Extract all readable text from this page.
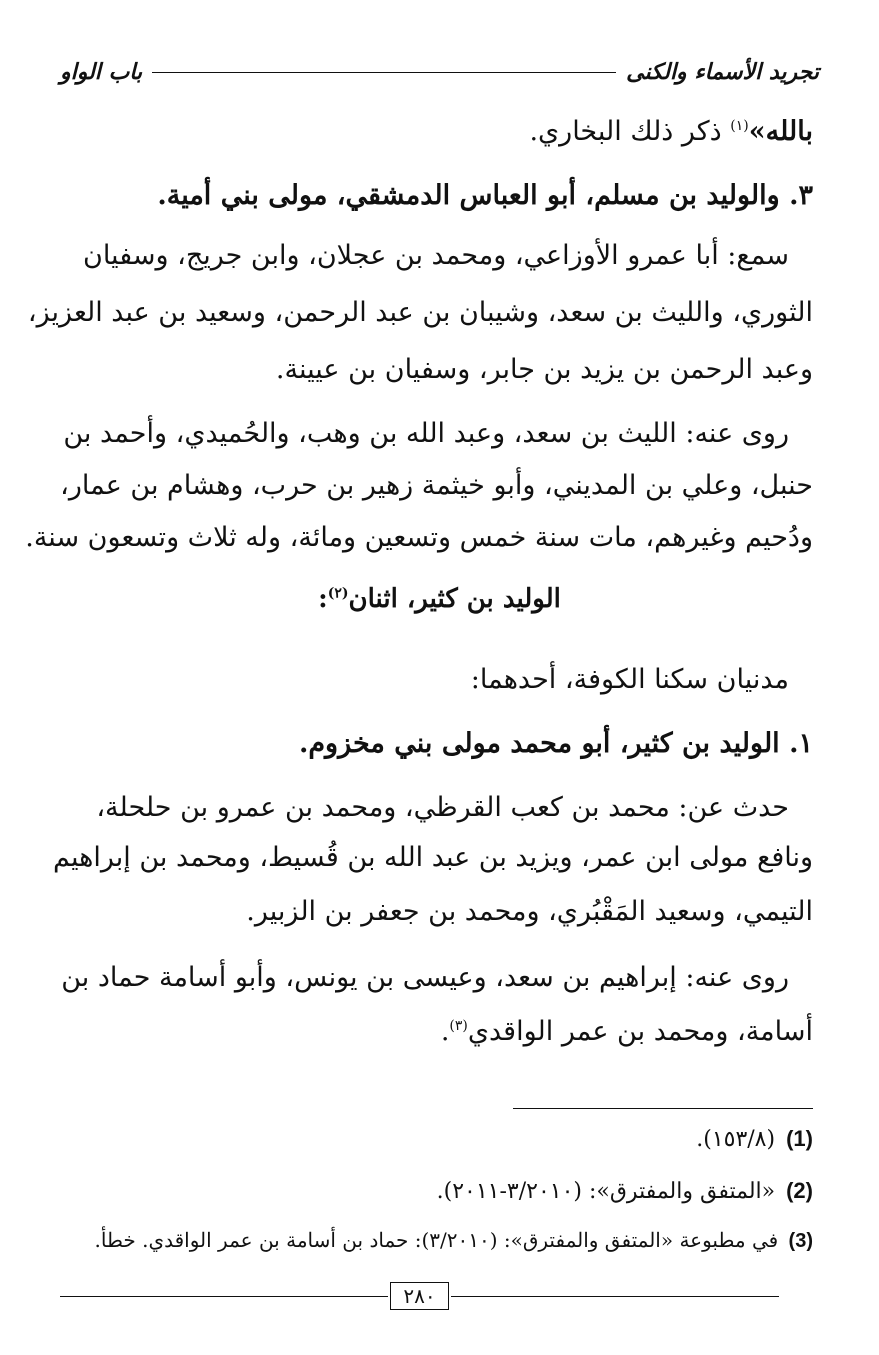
تجريد الأسماء والكنى
باب الواو
بالله»$^{(١)}$ ذكر ذلك البخاري.
٣. والوليد بن مسلم، أبو العباس الدمشقي، مولى بني أمية.
سمع: أبا عمرو الأوزاعي، ومحمد بن عجلان، وابن جريج، وسفيان
الثوري، والليث بن سعد، وشيبان بن عبد الرحمن، وسعيد بن عبد العزيز،
وعبد الرحمن بن يزيد بن جابر، وسفيان بن عيينة.
روى عنه: الليث بن سعد، وعبد الله بن وهب، والحُميدي، وأحمد بن
حنبل، وعلي بن المديني، وأبو خيثمة زهير بن حرب، وهشام بن عمار،
ودُحيم وغيرهم، مات سنة خمس وتسعين ومائة، وله ثلاث وتسعون سنة.
الوليد بن كثير، اثنان$^{(٢)}$:
مدنيان سكنا الكوفة، أحدهما:
١. الوليد بن كثير، أبو محمد مولى بني مخزوم.
حدث عن: محمد بن كعب القرظي، ومحمد بن عمرو بن حلحلة،
ونافع مولى ابن عمر، ويزيد بن عبد الله بن قُسيط، ومحمد بن إبراهيم
التيمي، وسعيد المَقْبُري، ومحمد بن جعفر بن الزبير.
روى عنه: إبراهيم بن سعد، وعيسى بن يونس، وأبو أسامة حماد بن
أسامة، ومحمد بن عمر الواقدي$^{(٣)}$.
(1) (١٥٣/٨).
(2) «المتفق والمفترق»: (٣/٢٠١٠-٢٠١١).
(3) في مطبوعة «المتفق والمفترق»: (٣/٢٠١٠): حماد بن أسامة بن عمر الواقدي. خطأ.
٢٨٠
